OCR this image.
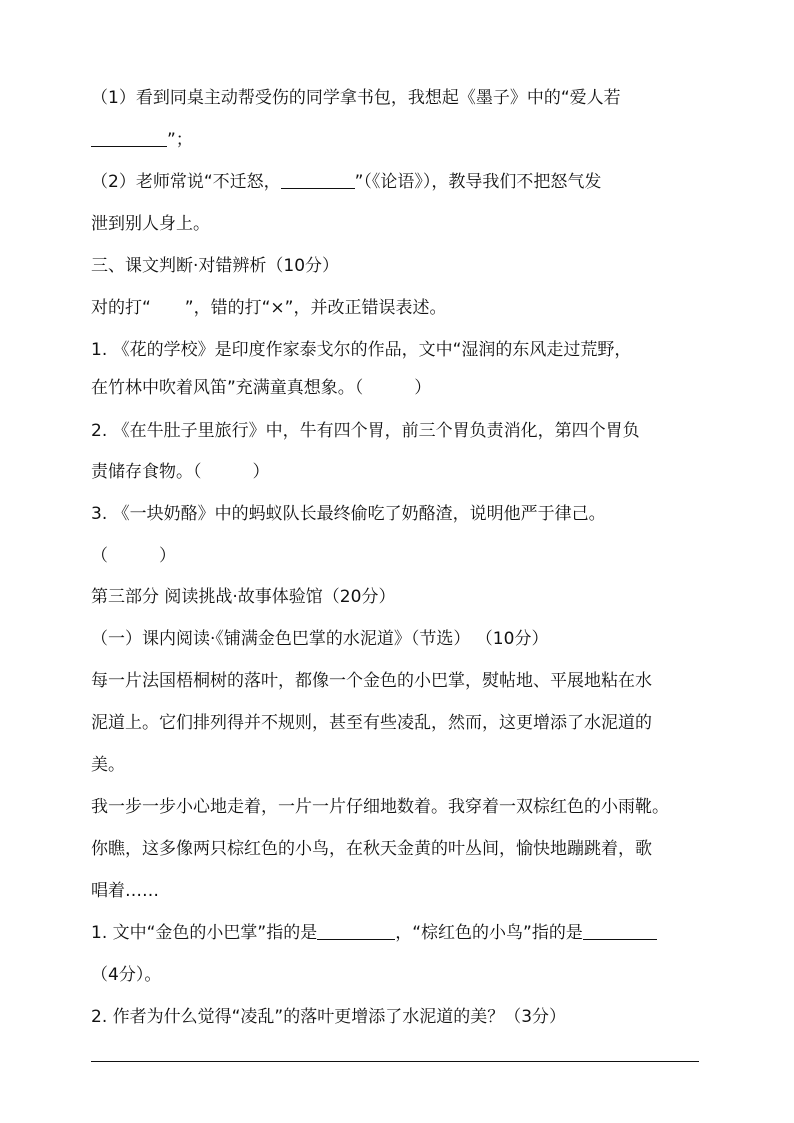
（1）看到同桌主动帮受伤的同学拿书包，我想起《墨子》中的“爱人若
”；
（2）老师常说“不迁怒，	”（《论语》），教导我们不把怒气发
泄到别人身上。
三、课文判断·对错辨析（10分）
对的打“　　”，错的打“×”，并改正错误表述。
1. 《花的学校》是印度作家泰戈尔的作品，文中“湿润的东风走过荒野，
在竹林中吹着风笛”充满童真想象。（　　　）
2. 《在牛肚子里旅行》中，牛有四个胃，前三个胃负责消化，第四个胃负
责储存食物。（　　　）
3. 《一块奶酪》中的蚂蚁队长最终偷吃了奶酪渣，说明他严于律己。
（　　　）
第三部分 阅读挑战·故事体验馆（20分）
（一）课内阅读·《铺满金色巴掌的水泥道》（节选） （10分）
每一片法国梧桐树的落叶，都像一个金色的小巴掌，熨帖地、平展地粘在水
泥道上。它们排列得并不规则，甚至有些凌乱，然而，这更增添了水泥道的
美。
我一步一步小心地走着，一片一片仔细地数着。我穿着一双棕红色的小雨靴。
你瞧，这多像两只棕红色的小鸟，在秋天金黄的叶丛间，愉快地蹦跳着，歌
唱着……
1. 文中“金色的小巴掌”指的是	，“棕红色的小鸟”指的是
（4分）。
2. 作者为什么觉得“凌乱”的落叶更增添了水泥道的美？（3分）
